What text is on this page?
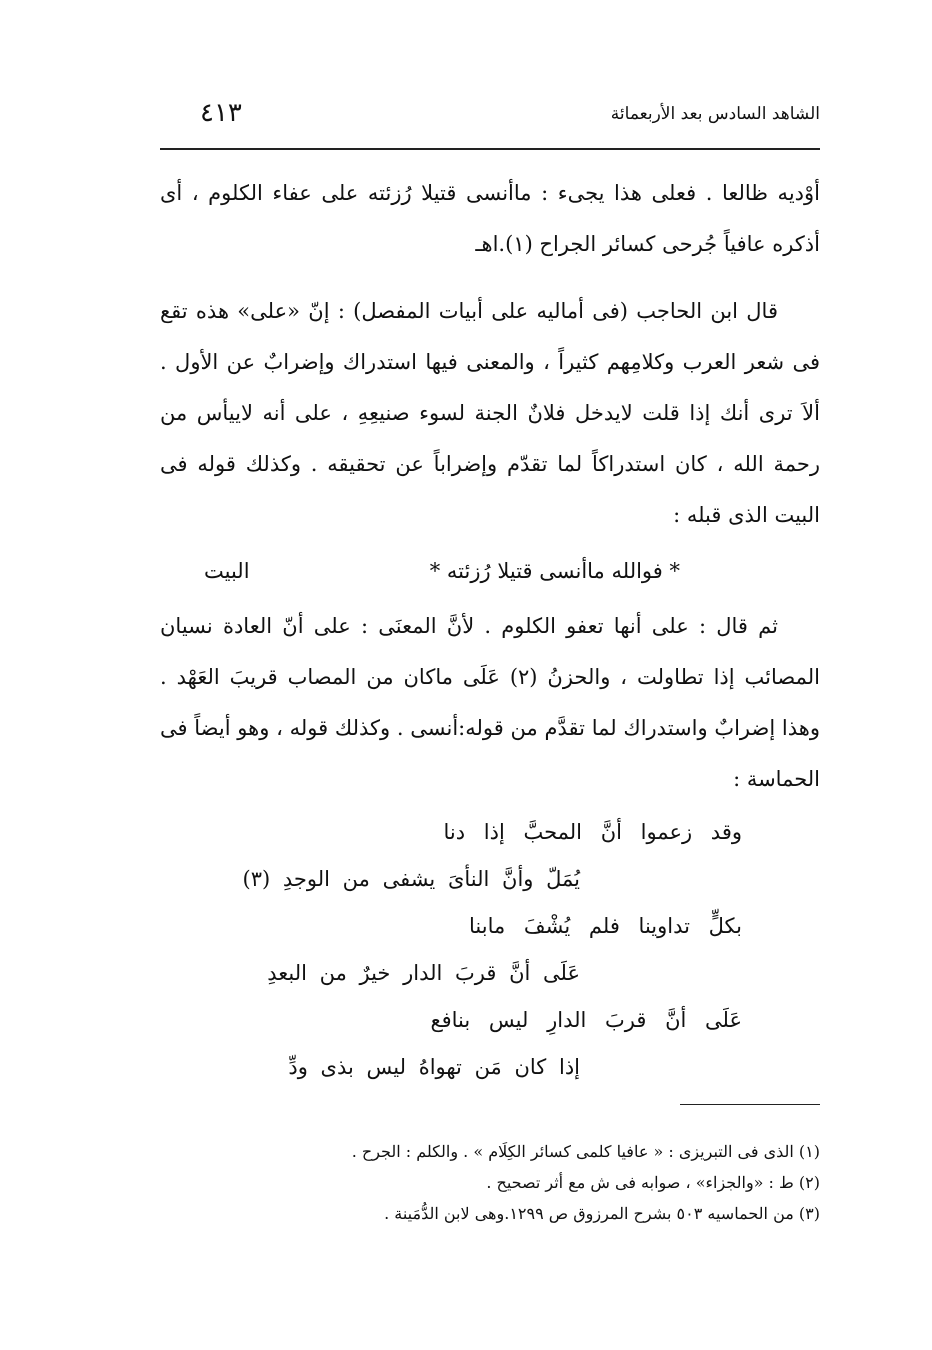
الشاهد السادس بعد الأربعمائة
٤١٣

أوْديه ظالعا . فعلى هذا يجىء : ماأنسى قتيلا رُزئته على عفاء الكلوم ، أى أذكره عافياً جُرحى كسائر الجراح (١).اهـ

قال ابن الحاجب (فى أماليه على أبيات المفصل) : إنّ «على» هذه تقع فى شعر العرب وكلامِهم كثيراً ، والمعنى فيها استدراك وإضرابٌ عن الأول . ألاَ ترى أنك إذا قلت لايدخل فلانٌ الجنة لسوء صنيعِهِ ، على أنه لاييأس من رحمة الله ، كان استدراكاً لما تقدّم وإضراباً عن تحقيقه . وكذلك قوله فى البيت الذى قبله :

* فوالله ماأنسى قتيلا رُزئته *
البيت

ثم قال : على أنها تعفو الكلوم . لأنَّ المعنَى : على أنّ العادة نسيان المصائب إذا تطاولت ، والحزنُ (٢) عَلَى ماكان من المصاب قريبَ العَهْد . وهذا إضرابٌ واستدراك لما تقدَّم من قوله:أنسى . وكذلك قوله ، وهو أيضاً فى الحماسة :

وقد زعموا أنَّ المحبَّ إذا دنا
يُمَلّ وأنَّ النأىَ يشفى من الوجدِ (٣)
بكلٍّ تداوينا فلم يُشْفَ مابنا
عَلَى أنَّ قربَ الدار خيرٌ من البعدِ
عَلَى أنَّ قربَ الدارِ ليس بنافع
إذا كان مَن تهواهُ ليس بذى ودِّ
(١) الذى فى التبريزى : « عافيا كلمى كسائر الكِلَام » . والكلم : الجرح .
(٢) ط : «والجزاء» ، صوابه فى ش مع أثر تصحيح .
(٣) من الحماسيه ٥٠٣ بشرح المرزوق ص ١٢٩٩.وهى لابن الدُّمَينة .
